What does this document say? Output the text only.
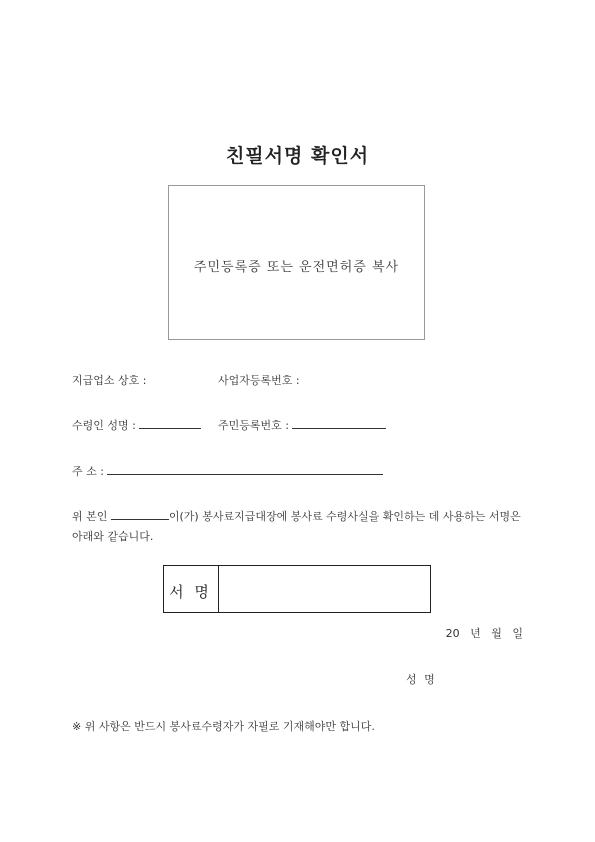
친필서명 확인서
주민등록증 또는 운전면허증 복사
지급업소 상호 :	사업자등록번호 :
수령인 성명 :	주민등록번호 :
주 소 :
위 본인	이(가) 봉사료지급대장에 봉사료 수령사실을 확인하는 데 사용하는 서명은 아래와 같습니다.
서 명
20 년 월 일
성 명
※ 위 사항은 반드시 봉사료수령자가 자필로 기재해야만 합니다.
